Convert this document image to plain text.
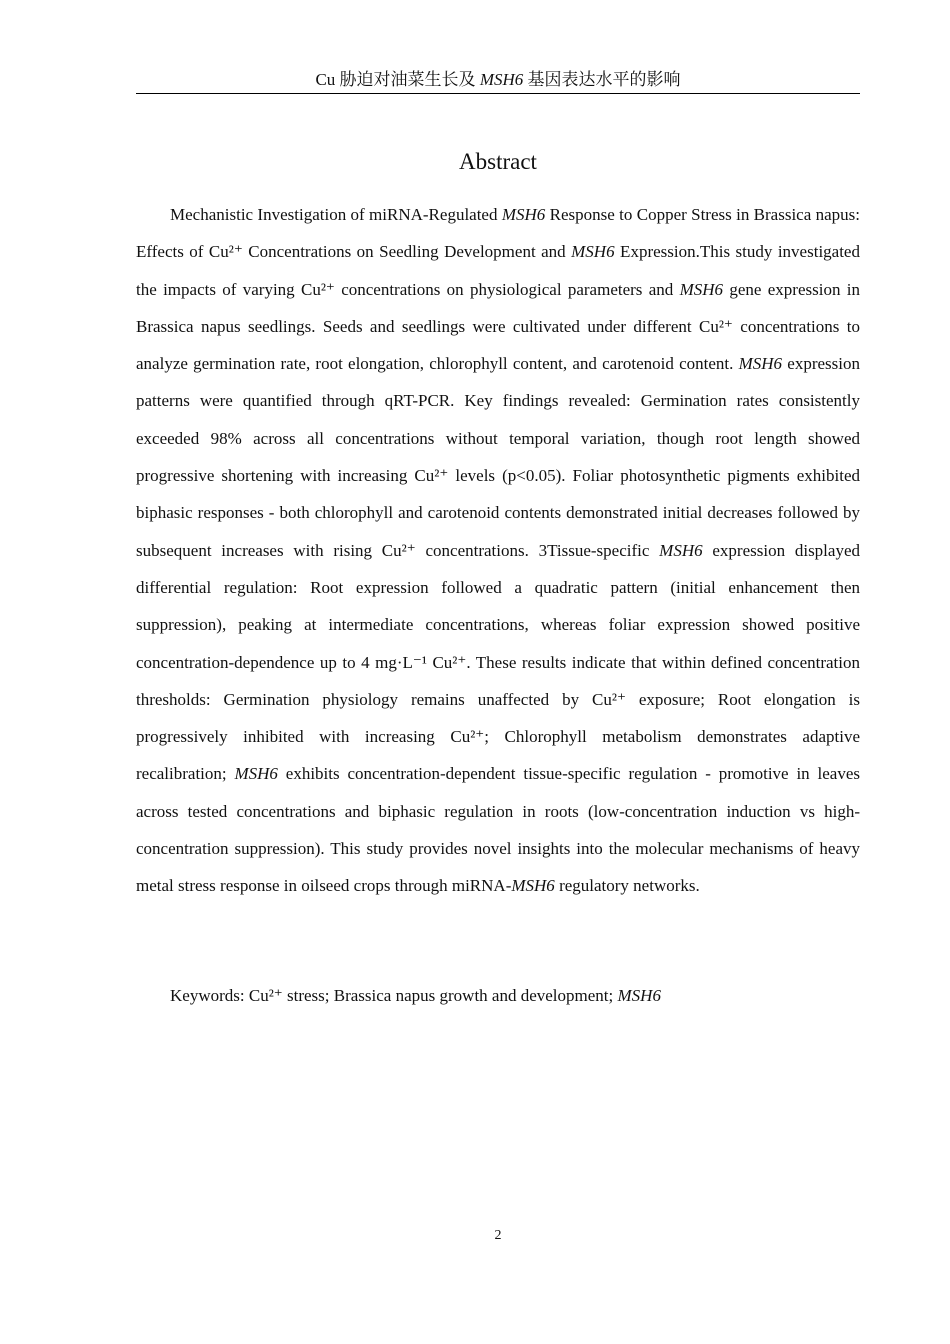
Cu 胁迫对油菜生长及 MSH6 基因表达水平的影响
Abstract

Mechanistic Investigation of miRNA-Regulated MSH6 Response to Copper Stress in Brassica napus: Effects of Cu²⁺ Concentrations on Seedling Development and MSH6 Expression.This study investigated the impacts of varying Cu²⁺ concentrations on physiological parameters and MSH6 gene expression in Brassica napus seedlings. Seeds and seedlings were cultivated under different Cu²⁺ concentrations to analyze germination rate, root elongation, chlorophyll content, and carotenoid content. MSH6 expression patterns were quantified through qRT-PCR. Key findings revealed: Germination rates consistently exceeded 98% across all concentrations without temporal variation, though root length showed progressive shortening with increasing Cu²⁺ levels (p<0.05). Foliar photosynthetic pigments exhibited biphasic responses - both chlorophyll and carotenoid contents demonstrated initial decreases followed by subsequent increases with rising Cu²⁺ concentrations. 3Tissue-specific MSH6 expression displayed differential regulation: Root expression followed a quadratic pattern (initial enhancement then suppression), peaking at intermediate concentrations, whereas foliar expression showed positive concentration-dependence up to 4 mg·L⁻¹ Cu²⁺. These results indicate that within defined concentration thresholds: Germination physiology remains unaffected by Cu²⁺ exposure; Root elongation is progressively inhibited with increasing Cu²⁺; Chlorophyll metabolism demonstrates adaptive recalibration; MSH6 exhibits concentration-dependent tissue-specific regulation - promotive in leaves across tested concentrations and biphasic regulation in roots (low-concentration induction vs high-concentration suppression). This study provides novel insights into the molecular mechanisms of heavy metal stress response in oilseed crops through miRNA-MSH6 regulatory networks.

Keywords: Cu²⁺ stress; Brassica napus growth and development; MSH6

2
